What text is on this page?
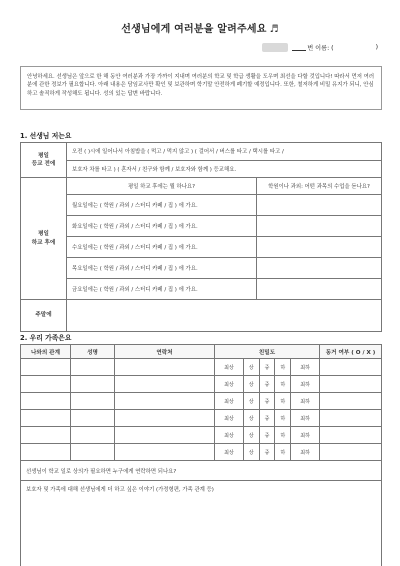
선생님에게 여러분을 알려주세요 ♬
번 이름: (	)
안녕하세요. 선생님은 앞으로 한 해 동안 여러분과 가장 가까이 지내며 여러분의 학교 및 학급 생활을 도우며 최선을 다할 것입니다! 따라서 먼저 여러분에 관한 정보가 필요합니다. 아래 내용은 담임교사만 확인 및 보관하며 학기말 안전하게 폐기할 예정입니다. 또한, 철저하게 비밀 유지가 되니, 안심하고 솔직하게 작성해도 됩니다. 성의 있는 답변 바랍니다.
1. 선생님 저는요
평일
등교 전에	오전 ( )시에 일어나서 아침밥을 ( 먹고 / 먹지 않고 ) ( 걸어서 / 버스를 타고 / 택시를 타고 /	
	보호자 차를 타고 ) ( 혼자서 / 친구와 함께 / 보호자와 함께 ) 등교해요.	
평일
하교 후에	평일 하교 후에는 뭘 하나요?	학원이나 과외: 어떤 과목의 수업을 듣나요?
	월요일에는 ( 학원 / 과외 / 스터디 카페 / 집 ) 에 가요.	
	화요일에는 ( 학원 / 과외 / 스터디 카페 / 집 ) 에 가요.	
	수요일에는 ( 학원 / 과외 / 스터디 카페 / 집 ) 에 가요.	
	목요일에는 ( 학원 / 과외 / 스터디 카페 / 집 ) 에 가요.	
	금요일에는 ( 학원 / 과외 / 스터디 카페 / 집 ) 에 가요.	
주말에		
2. 우리 가족은요
나와의 관계	성명	연락처	친밀도					동거 여부 ( O / X )
			최상	상	중	하	최하	
			최상	상	중	하	최하	
			최상	상	중	하	최하	
			최상	상	중	하	최하	
			최상	상	중	하	최하	
			최상	상	중	하	최하	
선생님이 학교 일로 상의가 필요하면 누구에게 연락하면 되나요?								
보호자 및 가족에 대해 선생님에게 더 하고 싶은 이야기 (가정형편, 가족 관계 등)								
